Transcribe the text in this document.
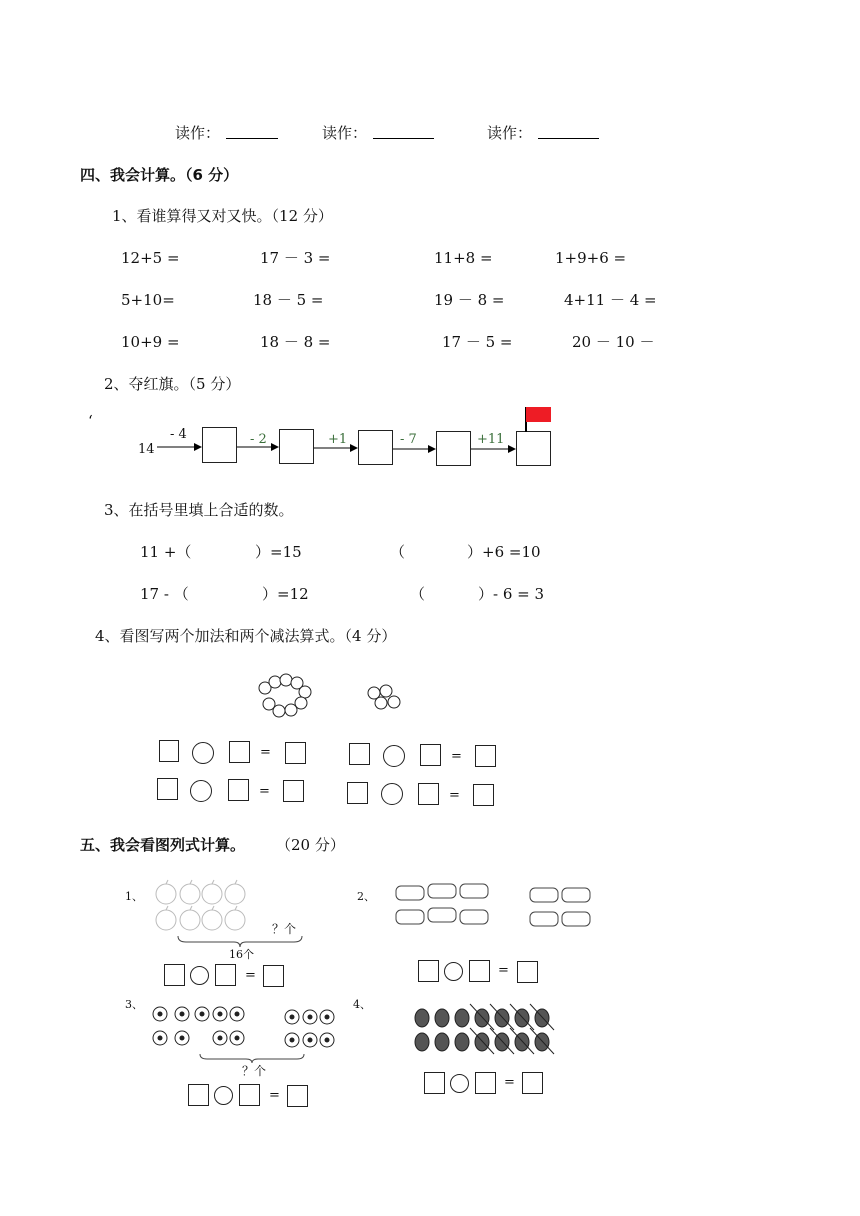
读作：	读作：	读作：
四、我会计算。（6 分）
1、看谁算得又对又快。（12 分）
12+5 =	17 － 3 =	11+8 =	1+9+6 =
5+10=	18 － 5 =	19 － 8 =	4+11 － 4 =
10+9 =	18 － 8 =	17 － 5 =	20 － 10 －
2、夺红旗。（5 分）
‘
14
- 4	- 2	+1	- 7	+11
3、在括号里填上合适的数。
11 +（	）=15	（	）+6 =10
17 - （	）=12	（	）- 6 = 3
4、看图写两个加法和两个减法算式。（4 分）
=	=
=	=
五、我会看图列式计算。 （20 分）
1、
16个
？个
=
2、
=
3、
？个
=
4、
=
